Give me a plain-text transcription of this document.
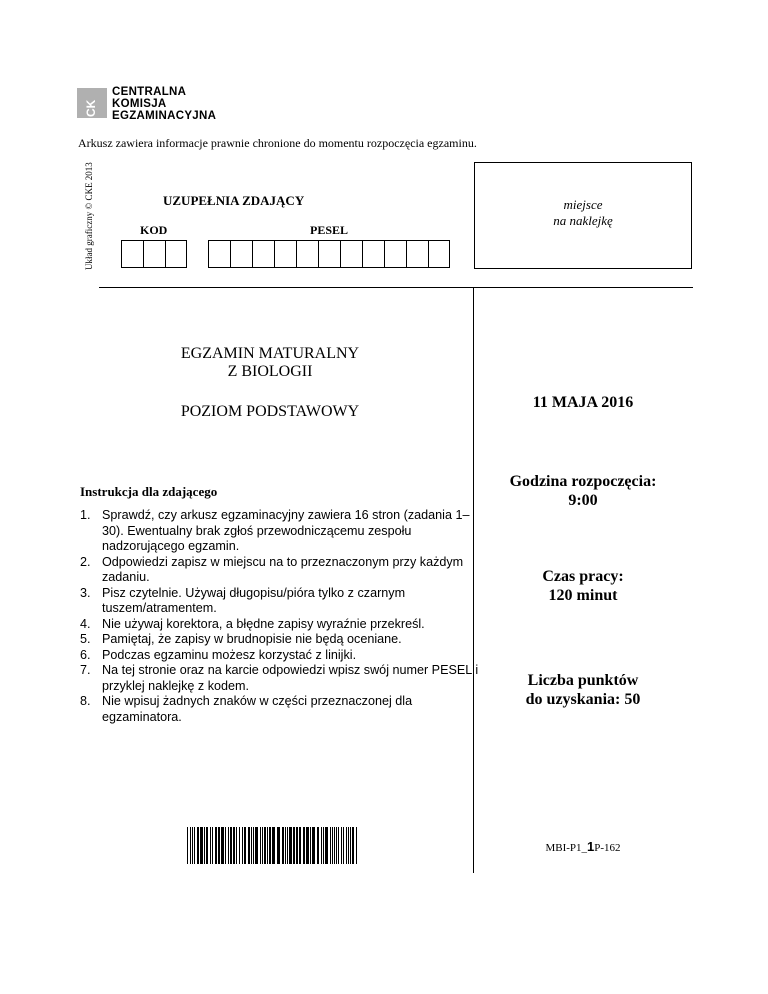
CK
CENTRALNA
KOMISJA
EGZAMINACYJNA
Arkusz zawiera informacje prawnie chronione do momentu rozpoczęcia egzaminu.
Układ graficzny © CKE 2013	UZUPEŁNIA ZDAJĄCY
KOD	PESEL
miejsce
na naklejkę
EGZAMIN MATURALNY
Z BIOLOGII
POZIOM PODSTAWOWY
11 MAJA 2016
Godzina rozpoczęcia:
9:00
Czas pracy:
120 minut
Liczba punktów
do uzyskania: 50
Instrukcja dla zdającego
1. Sprawdź, czy arkusz egzaminacyjny zawiera 16 stron (zadania 1–30). Ewentualny brak zgłoś przewodniczącemu zespołu nadzorującego egzamin.
2. Odpowiedzi zapisz w miejscu na to przeznaczonym przy każdym zadaniu.
3. Pisz czytelnie. Używaj długopisu/pióra tylko z czarnym tuszem/atramentem.
4. Nie używaj korektora, a błędne zapisy wyraźnie przekreśl.
5. Pamiętaj, że zapisy w brudnopisie nie będą oceniane.
6. Podczas egzaminu możesz korzystać z linijki.
7. Na tej stronie oraz na karcie odpowiedzi wpisz swój numer PESEL i przyklej naklejkę z kodem.
8. Nie wpisuj żadnych znaków w części przeznaczonej dla egzaminatora.
MBI-P1_1P-162
